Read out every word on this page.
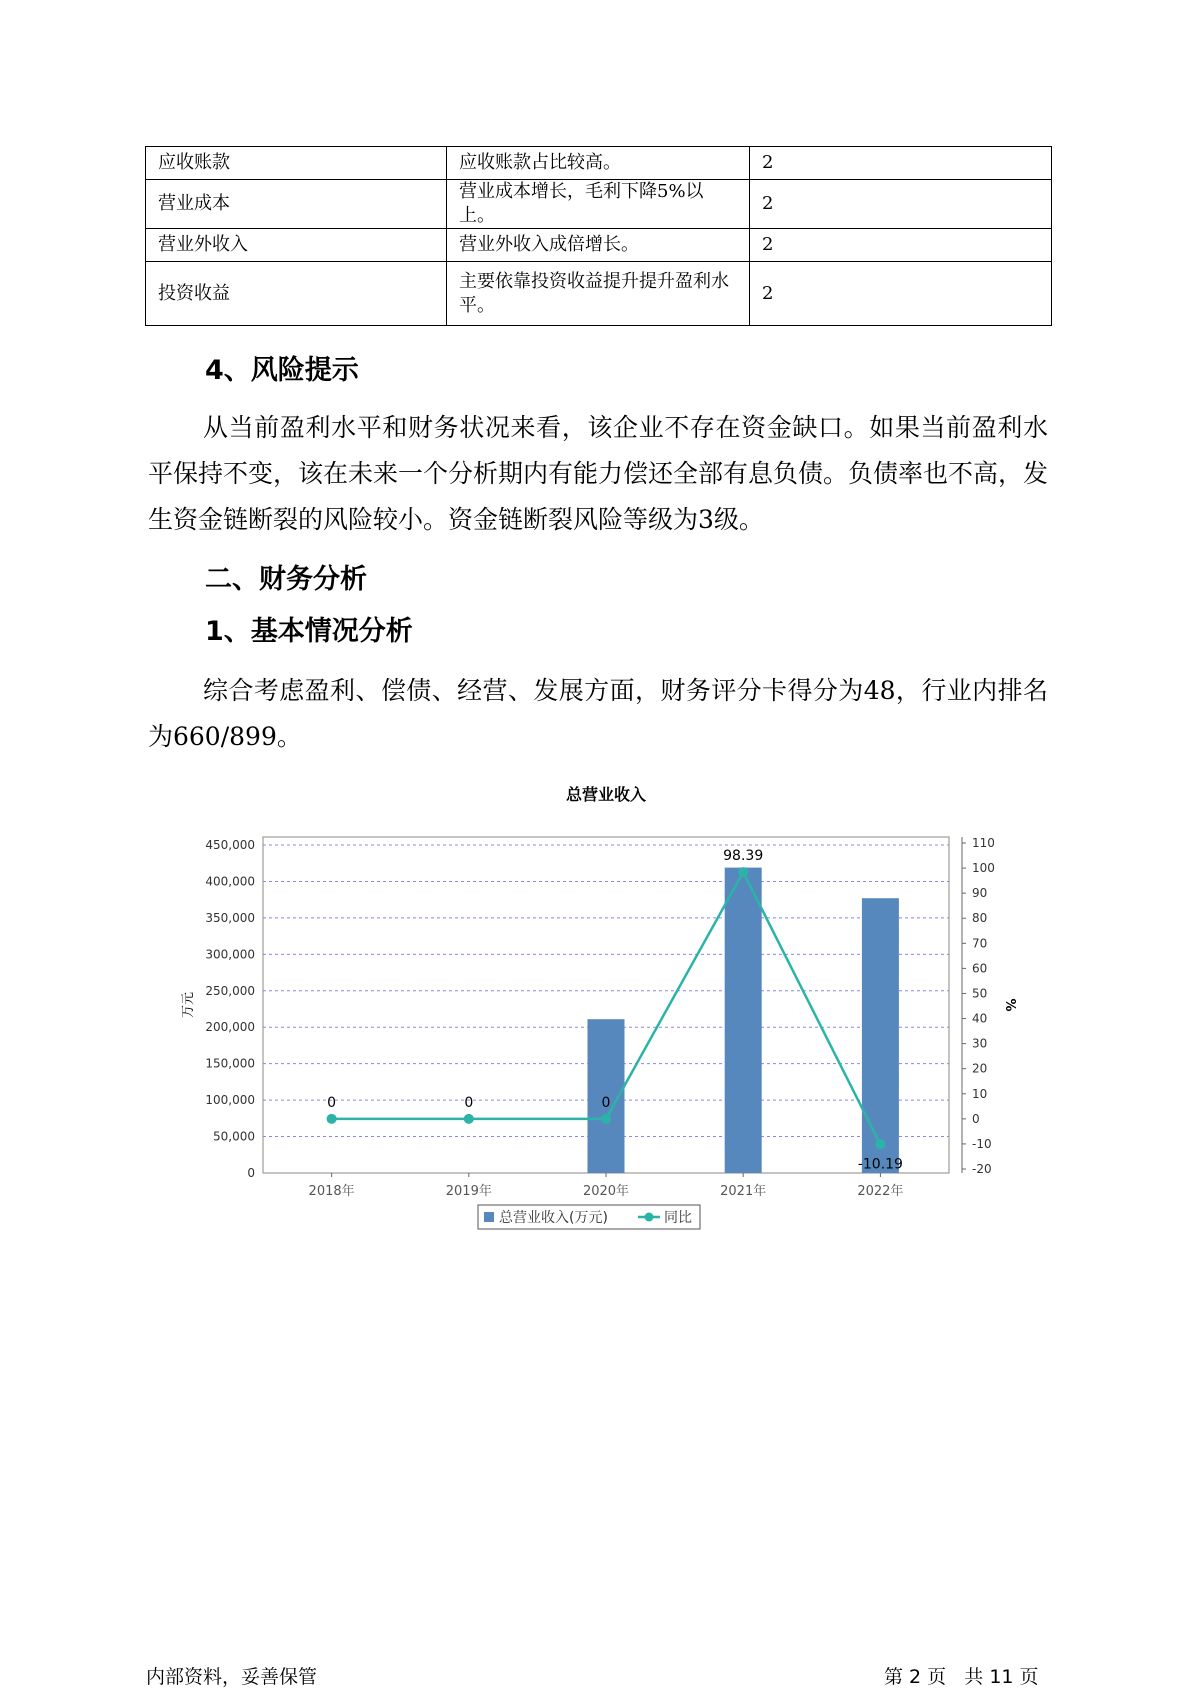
应收账款	应收账款占比较高。	2
营业成本	营业成本增长，毛利下降5%以上。	2
营业外收入	营业外收入成倍增长。	2
投资收益	主要依靠投资收益提升提升盈利水平。	2
4、风险提示

从当前盈利水平和财务状况来看，该企业不存在资金缺口。如果当前盈利水平保持不变，该在未来一个分析期内有能力偿还全部有息负债。负债率也不高，发生资金链断裂的风险较小。资金链断裂风险等级为3级。

二、财务分析
1、基本情况分析

综合考虑盈利、偿债、经营、发展方面，财务评分卡得分为48，行业内排名为660/899。

总营业收入
0
50,000
100,000
150,000
200,000
250,000
300,000
350,000
400,000
450,000
万元
-20
-10
0
10
20
30
40
50
60
70
80
90
100
110
%
2018年	2019年	2020年	2021年	2022年
0	0	0
98.39
-10.19
总营业收入(万元)	同比

内部资料，妥善保管	第 2 页   共 11 页
